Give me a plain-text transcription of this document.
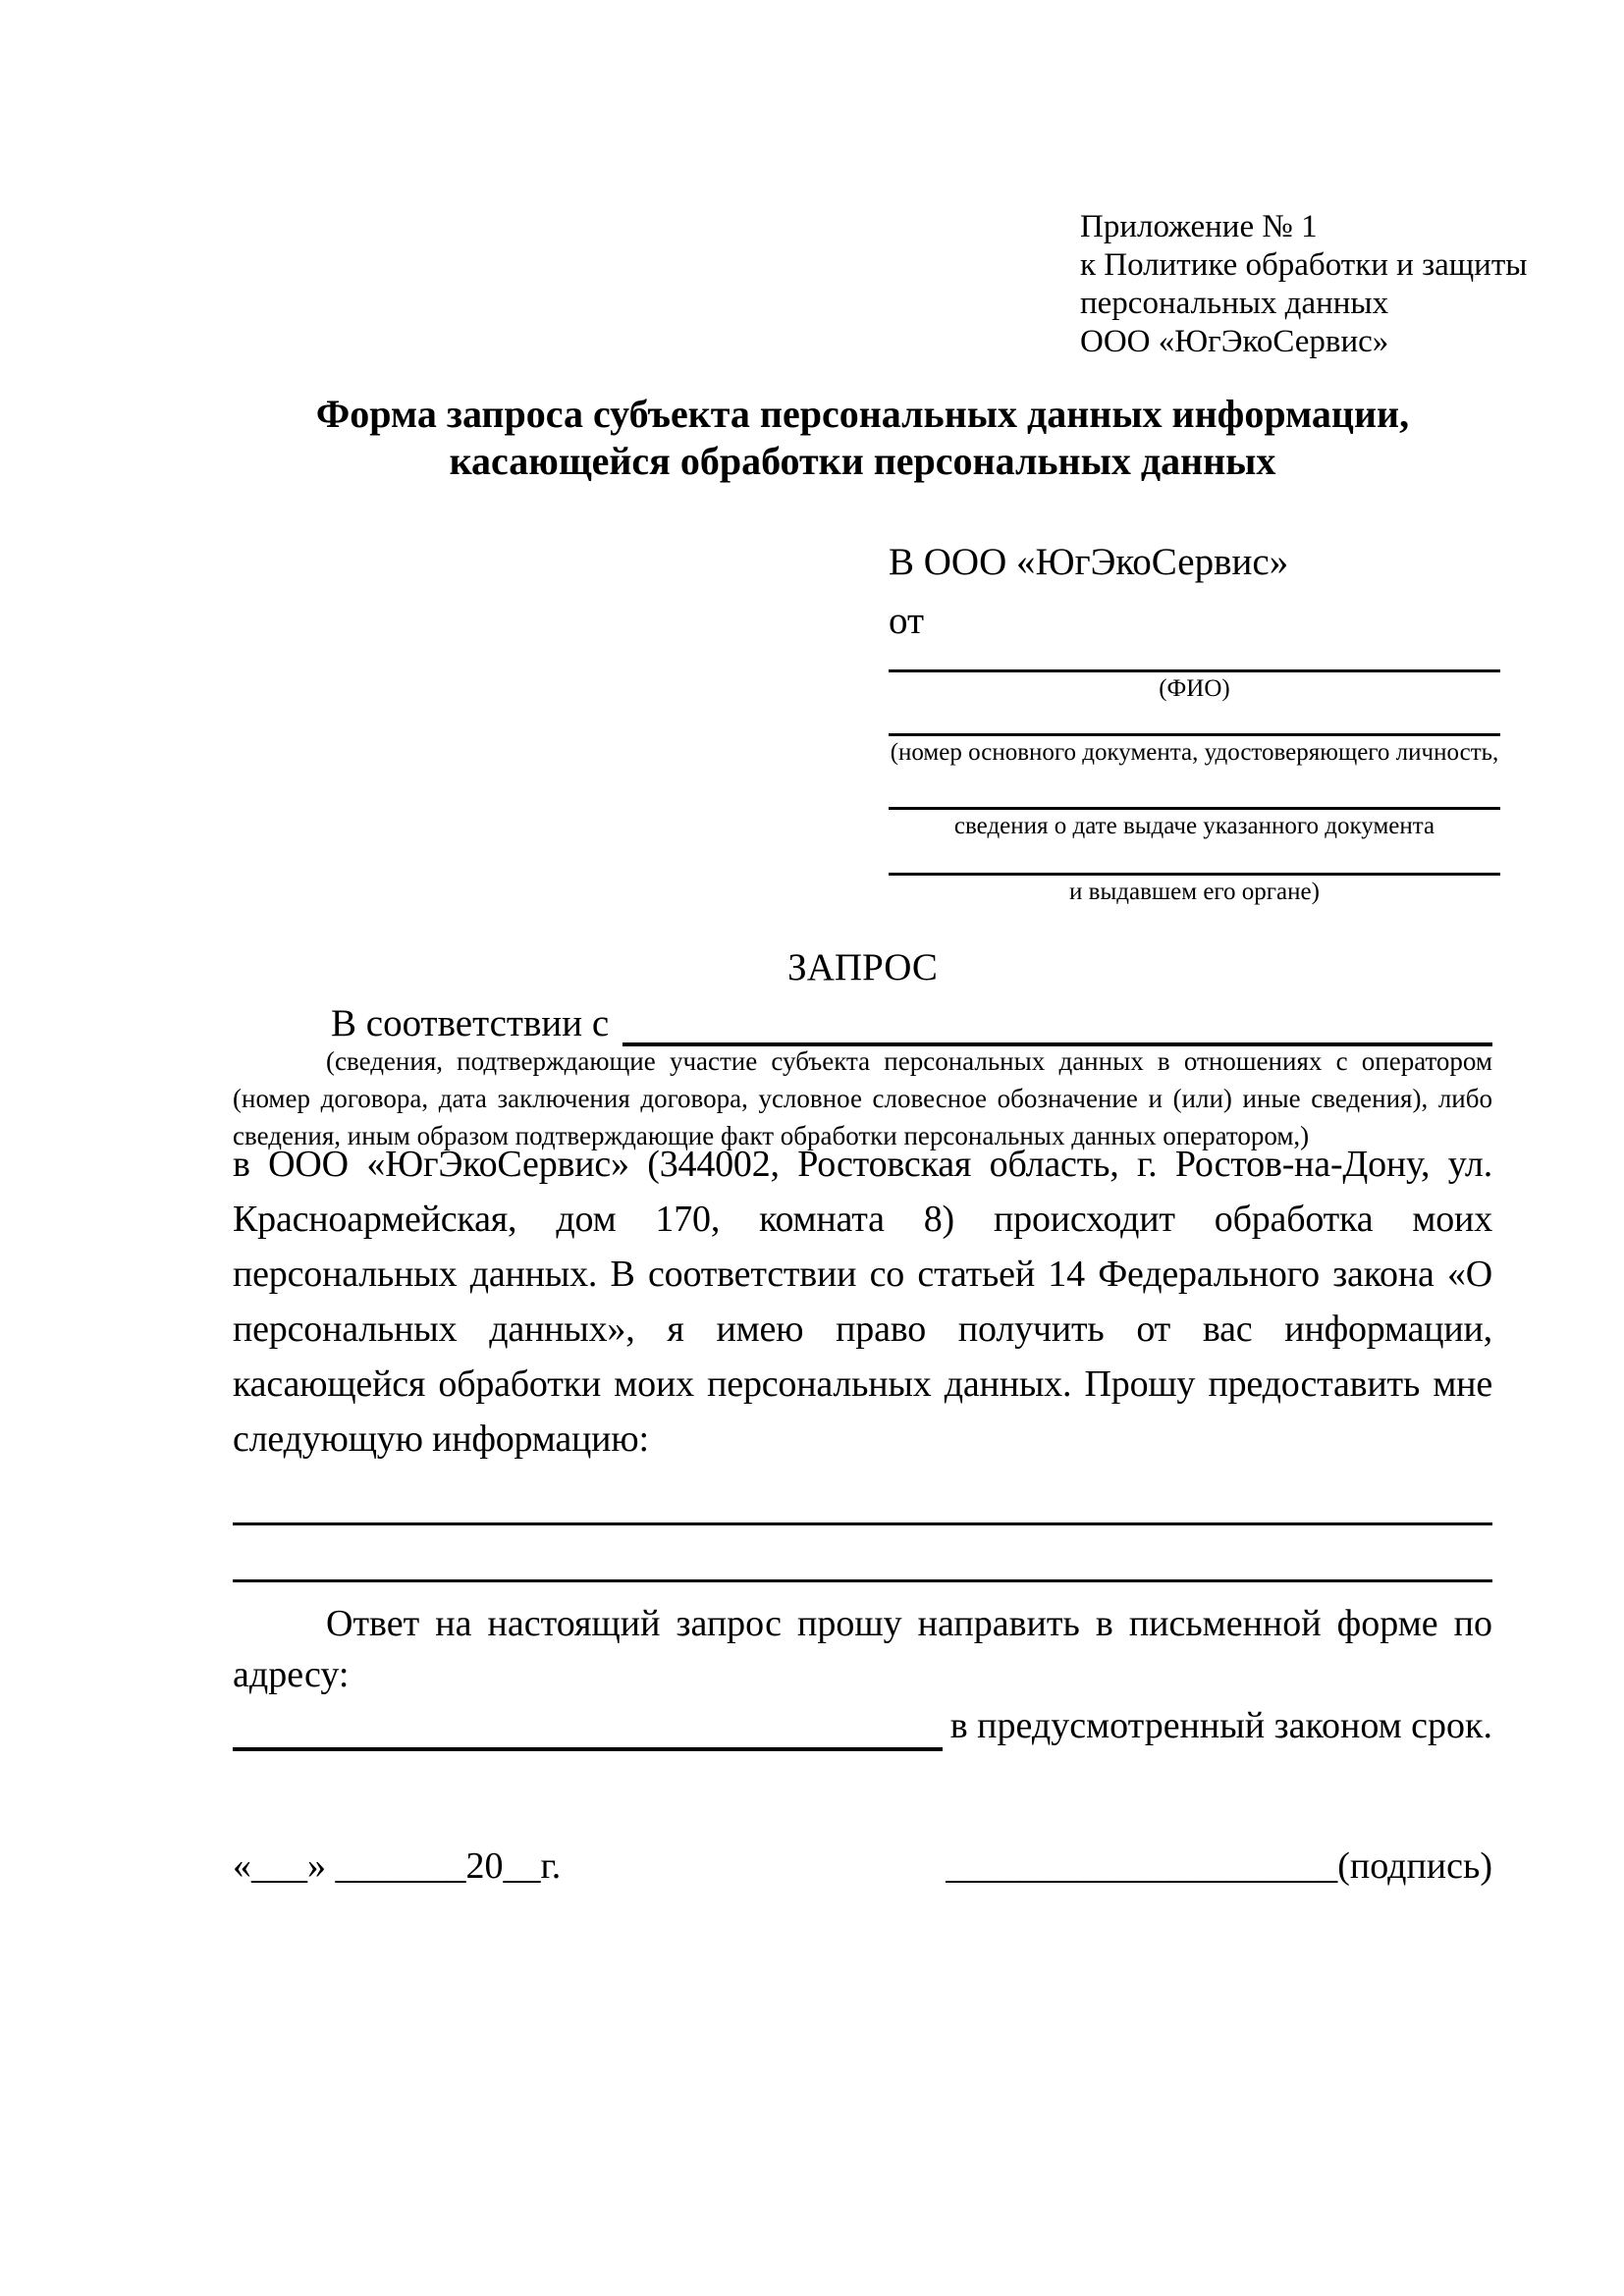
Приложение № 1
к Политике обработки и защиты
персональных данных
ООО «ЮгЭкоСервис»
Форма запроса субъекта персональных данных информации,
касающейся обработки персональных данных
В ООО «ЮгЭкоСервис»
от
(ФИО)
(номер основного документа, удостоверяющего личность,
сведения о дате выдаче указанного документа
и выдавшем его органе)
ЗАПРОС
В соответствии с
(сведения, подтверждающие участие субъекта персональных данных в отношениях с оператором (номер договора, дата заключения договора, условное словесное обозначение и (или) иные сведения), либо сведения, иным образом подтверждающие факт обработки персональных данных оператором,)
в ООО «ЮгЭкоСервис» (344002, Ростовская область, г. Ростов-на-Дону, ул. Красноармейская, дом 170, комната 8) происходит обработка моих персональных данных. В соответствии со статьей 14 Федерального закона «О персональных данных», я имею право получить от вас информации, касающейся обработки моих персональных данных. Прошу предоставить мне следующую информацию:
Ответ на настоящий запрос прошу направить в письменной форме по адресу:
в предусмотренный законом срок.
«___» _______20__г.	_____________________(подпись)
